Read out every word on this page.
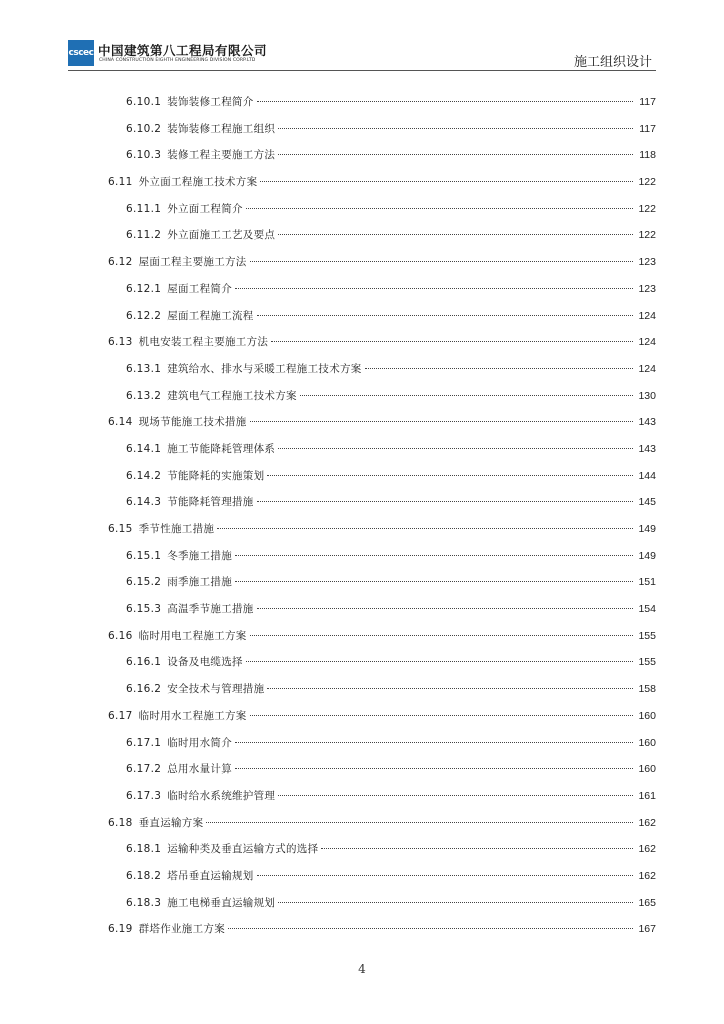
cscec 中国建筑第八工程局有限公司
CHINA CONSTRUCTION EIGHTH ENGINEERING DIVISION CORP.LTD	施工组织设计
6.10.1 装饰装修工程简介	117
6.10.2 装饰装修工程施工组织	117
6.10.3 装修工程主要施工方法	118
6.11 外立面工程施工技术方案	122
6.11.1 外立面工程简介	122
6.11.2 外立面施工工艺及要点	122
6.12 屋面工程主要施工方法	123
6.12.1 屋面工程简介	123
6.12.2 屋面工程施工流程	124
6.13 机电安装工程主要施工方法	124
6.13.1 建筑给水、排水与采暖工程施工技术方案	124
6.13.2 建筑电气工程施工技术方案	130
6.14 现场节能施工技术措施	143
6.14.1 施工节能降耗管理体系	143
6.14.2 节能降耗的实施策划	144
6.14.3 节能降耗管理措施	145
6.15 季节性施工措施	149
6.15.1 冬季施工措施	149
6.15.2 雨季施工措施	151
6.15.3 高温季节施工措施	154
6.16 临时用电工程施工方案	155
6.16.1 设备及电缆选择	155
6.16.2 安全技术与管理措施	158
6.17 临时用水工程施工方案	160
6.17.1 临时用水简介	160
6.17.2 总用水量计算	160
6.17.3 临时给水系统维护管理	161
6.18 垂直运输方案	162
6.18.1 运输种类及垂直运输方式的选择	162
6.18.2 塔吊垂直运输规划	162
6.18.3 施工电梯垂直运输规划	165
6.19 群塔作业施工方案	167
4
